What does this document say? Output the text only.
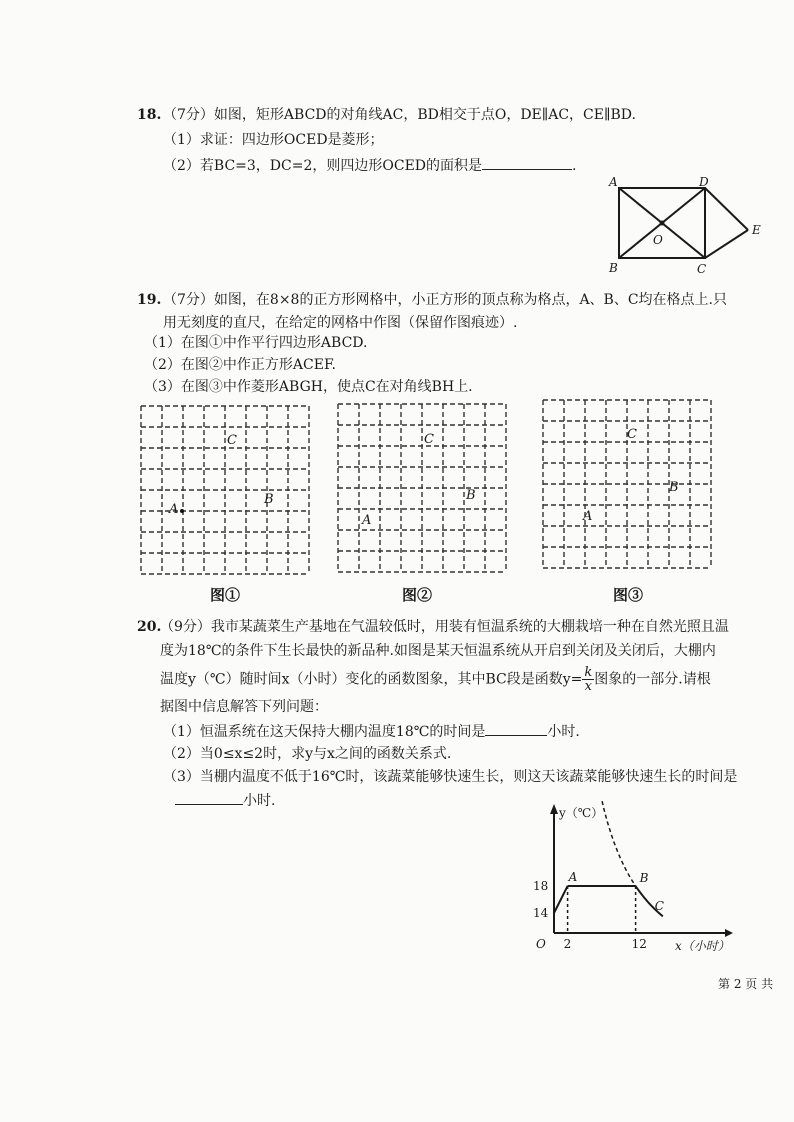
18. （7分）如图，矩形ABCD的对角线AC，BD相交于点O，DE∥AC，CE∥BD.
（1）求证：四边形OCED是菱形；
（2）若BC=3，DC=2，则四边形OCED的面积是	.
A	D
E
O
B	C
19. （7分）如图，在8×8的正方形网格中，小正方形的顶点称为格点，A、B、C均在格点上.只
用无刻度的直尺，在给定的网格中作图（保留作图痕迹）.
（1）在图①中作平行四边形ABCD.
（2）在图②中作正方形ACEF.
（3）在图③中作菱形ABGH，使点C在对角线BH上.
A
C
B
图①
A
C
B
图②
A
C
B
图③
20.
（9分）我市某蔬菜生产基地在气温较低时，用装有恒温系统的大棚栽培一种在自然光照且温
度为18℃的条件下生长最快的新品种.如图是某天恒温系统从开启到关闭及关闭后，大棚内
温度y（℃）随时间x（小时）变化的函数图象，其中BC段是函数$y= \frac{k}{x}$ 图象的一部分.请根
据图中信息解答下列问题：
（1）恒温系统在这天保持大棚内温度18℃的时间是	小时.
（2）当0≤x≤2时，求y与x之间的函数关系式.
（3）当棚内温度不低于16℃时，该蔬菜能够快速生长，则这天该蔬菜能够快速生长的时间是
小时.
2	12
14
18
A	B
C
y（℃）
x（小时）
O
第 2 页 共
